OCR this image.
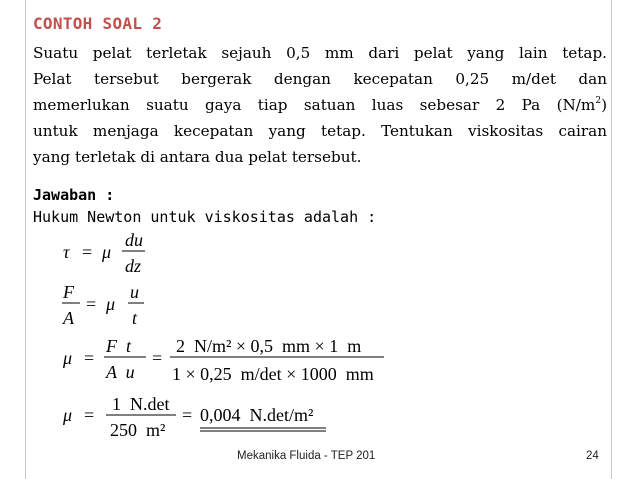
CONTOH SOAL 2
Suatu pelat terletak sejauh 0,5 mm dari pelat yang lain tetap.
Pelat tersebut bergerak dengan kecepatan 0,25 m/det dan
memerlukan suatu gaya tiap satuan luas sebesar 2 Pa $(N/m^2)$
untuk menjaga kecepatan yang tetap. Tentukan viskositas cairan
yang terletak di antara dua pelat tersebut.
Jawaban :
Hukum Newton untuk viskositas adalah :
τ = μ
du
dz
F
A
= μ
u
t
μ =
F  t
A  u
=
2  N/m² × 0,5  mm × 1  m
1 × 0,25  m/det × 1000  mm
μ =
1  N.det
250  m²
= 0,004  N.det/m²
Mekanika Fluida - TEP 201	24
